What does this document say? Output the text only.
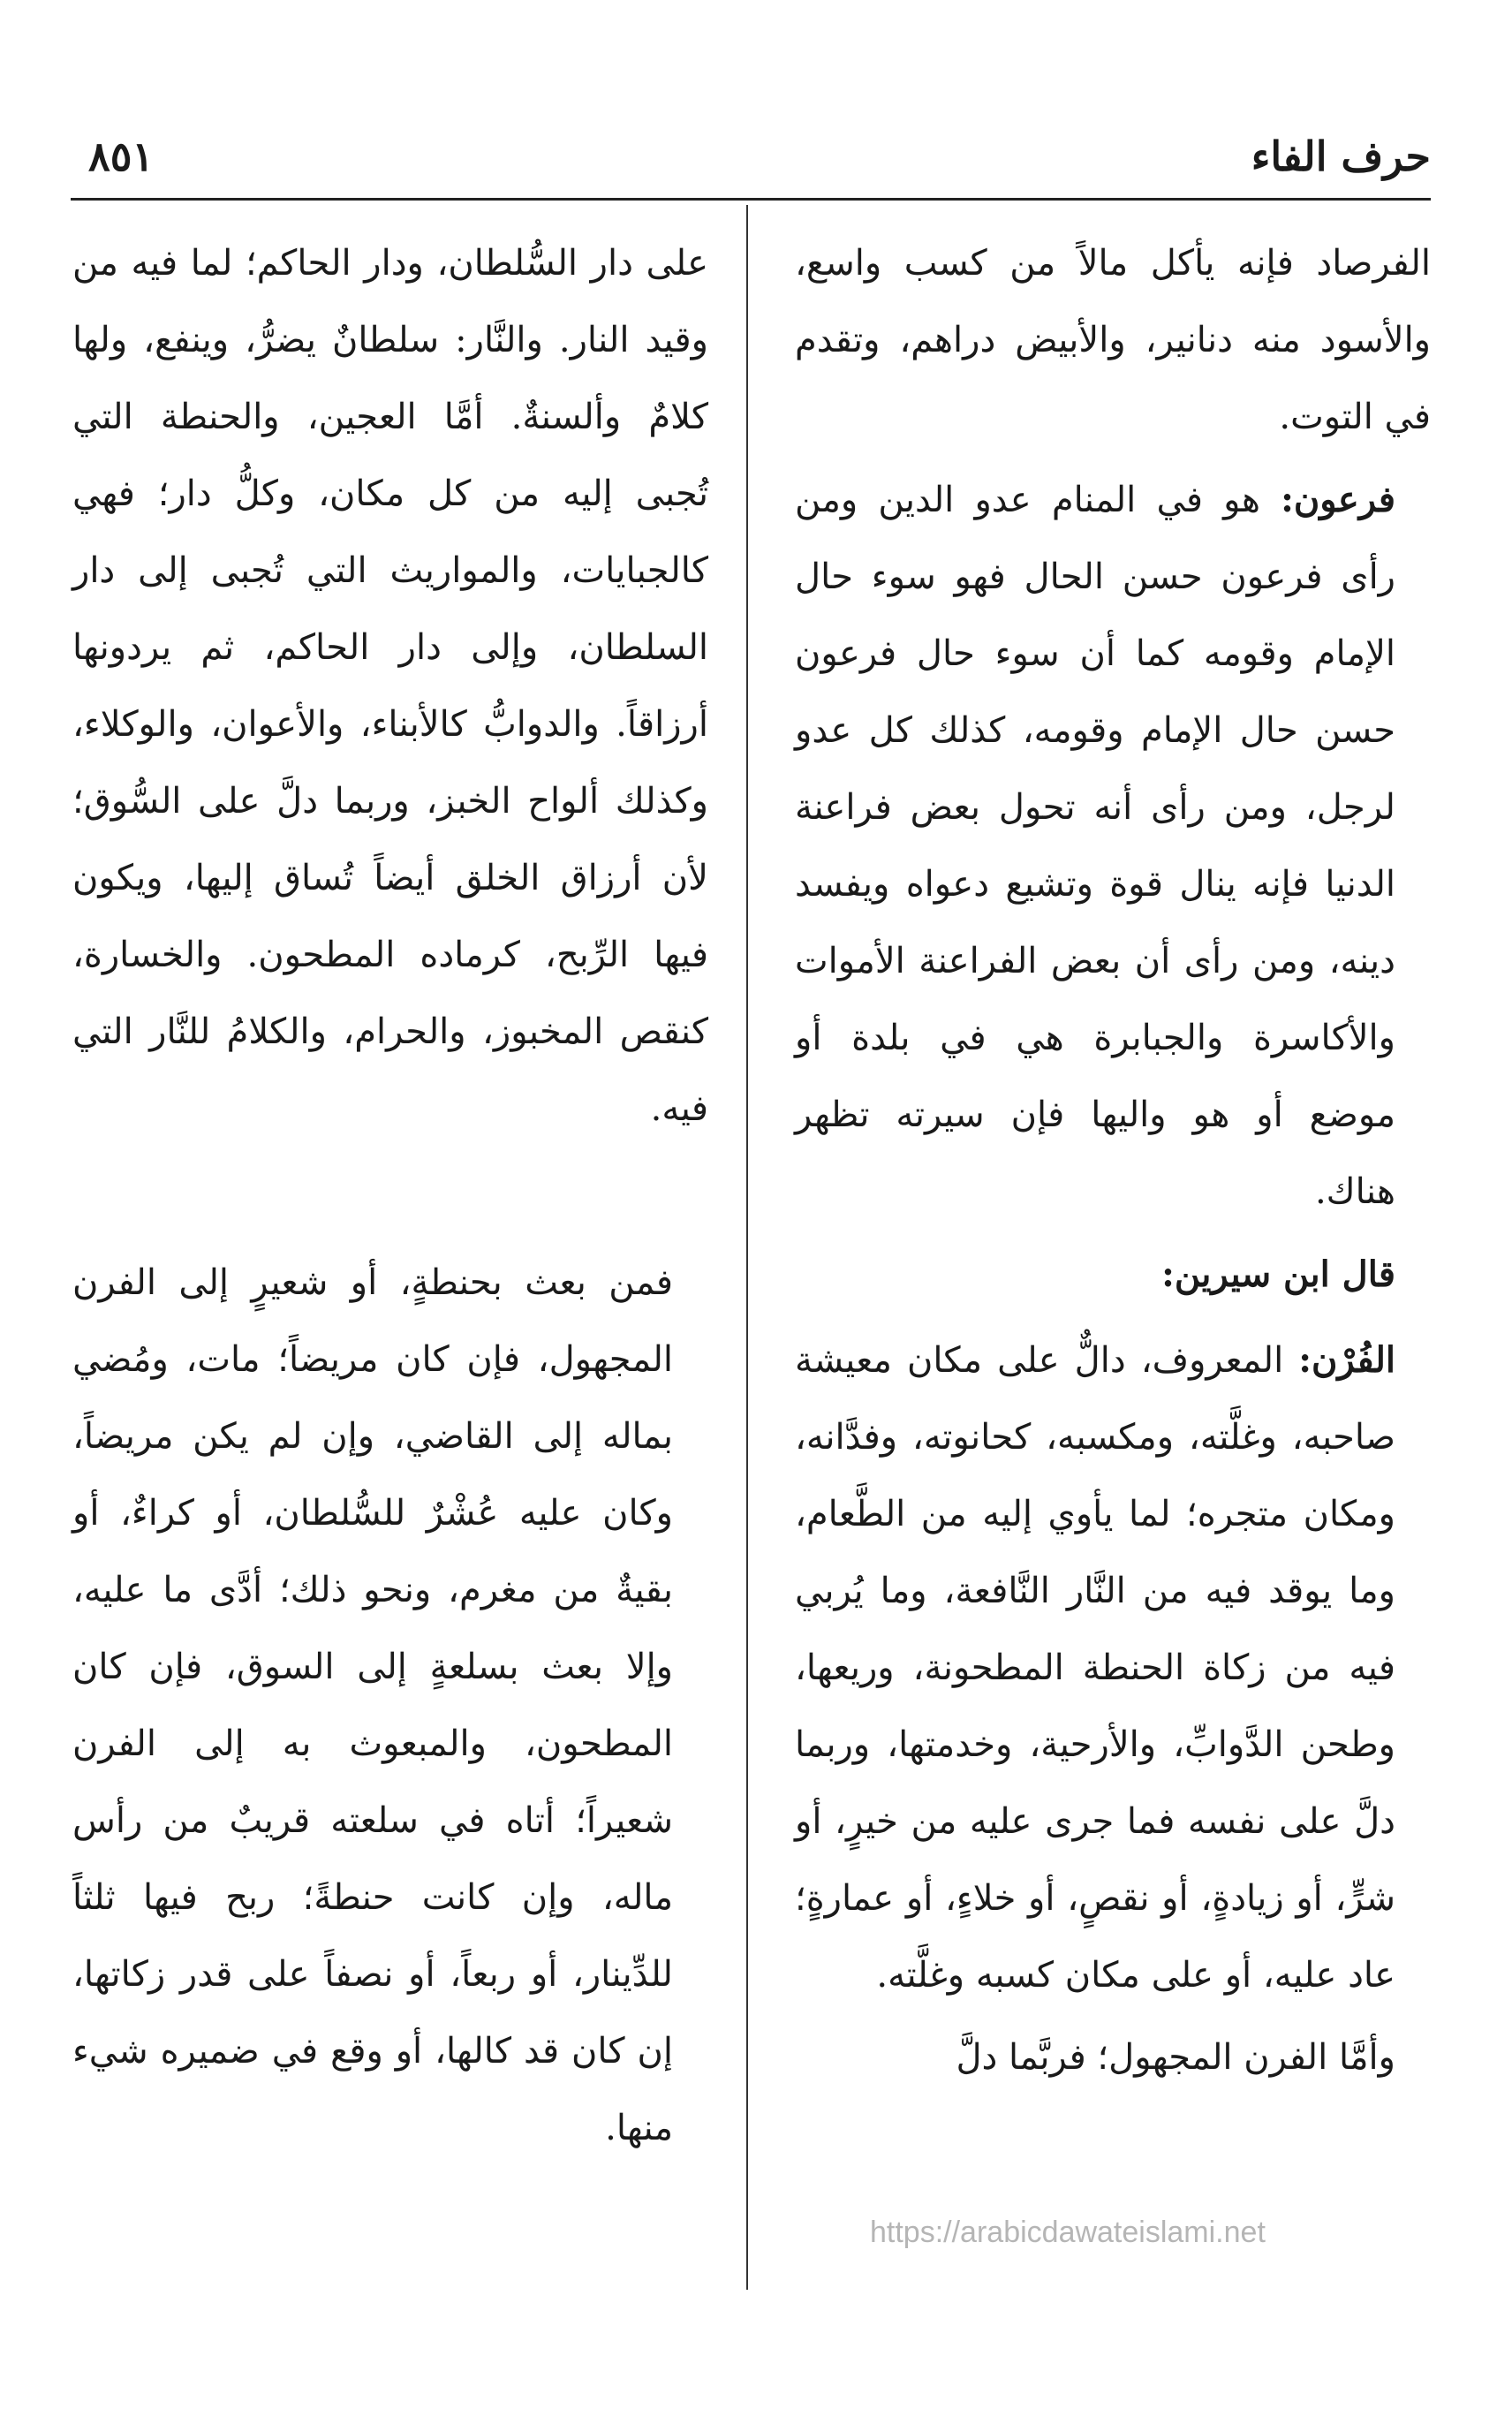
حرف الفاء
٨٥١

الفرصاد فإنه يأكل مالاً من كسب واسع، والأسود منه دنانير، والأبيض دراهم، وتقدم في التوت.

فرعون: هو في المنام عدو الدين ومن رأى فرعون حسن الحال فهو سوء حال الإمام وقومه كما أن سوء حال فرعون حسن حال الإمام وقومه، كذلك كل عدو لرجل، ومن رأى أنه تحول بعض فراعنة الدنيا فإنه ينال قوة وتشيع دعواه ويفسد دينه، ومن رأى أن بعض الفراعنة الأموات والأكاسرة والجبابرة هي في بلدة أو موضع أو هو واليها فإن سيرته تظهر هناك.

قال ابن سيرين:

الفُرْن: المعروف، دالٌّ على مكان معيشة صاحبه، وغلَّته، ومكسبه، كحانوته، وفدَّانه، ومكان متجره؛ لما يأوي إليه من الطَّعام، وما يوقد فيه من النَّار النَّافعة، وما يُربي فيه من زكاة الحنطة المطحونة، وريعها، وطحن الدَّوابِّ، والأرحية، وخدمتها، وربما دلَّ على نفسه فما جرى عليه من خيرٍ، أو شرٍّ، أو زيادةٍ، أو نقصٍ، أو خلاءٍ، أو عمارةٍ؛ عاد عليه، أو على مكان كسبه وغلَّته.

وأمَّا الفرن المجهول؛ فربَّما دلَّ

على دار السُّلطان، ودار الحاكم؛ لما فيه من وقيد النار. والنَّار: سلطانٌ يضرُّ، وينفع، ولها كلامٌ وألسنةٌ. أمَّا العجين، والحنطة التي تُجبى إليه من كل مكان، وكلُّ دار؛ فهي كالجبايات، والمواريث التي تُجبى إلى دار السلطان، وإلى دار الحاكم، ثم يردونها أرزاقاً. والدوابُّ كالأبناء، والأعوان، والوكلاء، وكذلك ألواح الخبز، وربما دلَّ على السُّوق؛ لأن أرزاق الخلق أيضاً تُساق إليها، ويكون فيها الرِّبح، كرماده المطحون. والخسارة، كنقص المخبوز، والحرام، والكلامُ للنَّار التي فيه.

فمن بعث بحنطةٍ، أو شعيرٍ إلى الفرن المجهول، فإن كان مريضاً؛ مات، ومُضي بماله إلى القاضي، وإن لم يكن مريضاً، وكان عليه عُشْرٌ للسُّلطان، أو كراءٌ، أو بقيةٌ من مغرم، ونحو ذلك؛ أدَّى ما عليه، وإلا بعث بسلعةٍ إلى السوق، فإن كان المطحون، والمبعوث به إلى الفرن شعيراً؛ أتاه في سلعته قريبٌ من رأس ماله، وإن كانت حنطةً؛ ربح فيها ثلثاً للدِّينار، أو ربعاً، أو نصفاً على قدر زكاتها، إن كان قد كالها، أو وقع في ضميره شيء منها.

https://arabicdawateislami.net
